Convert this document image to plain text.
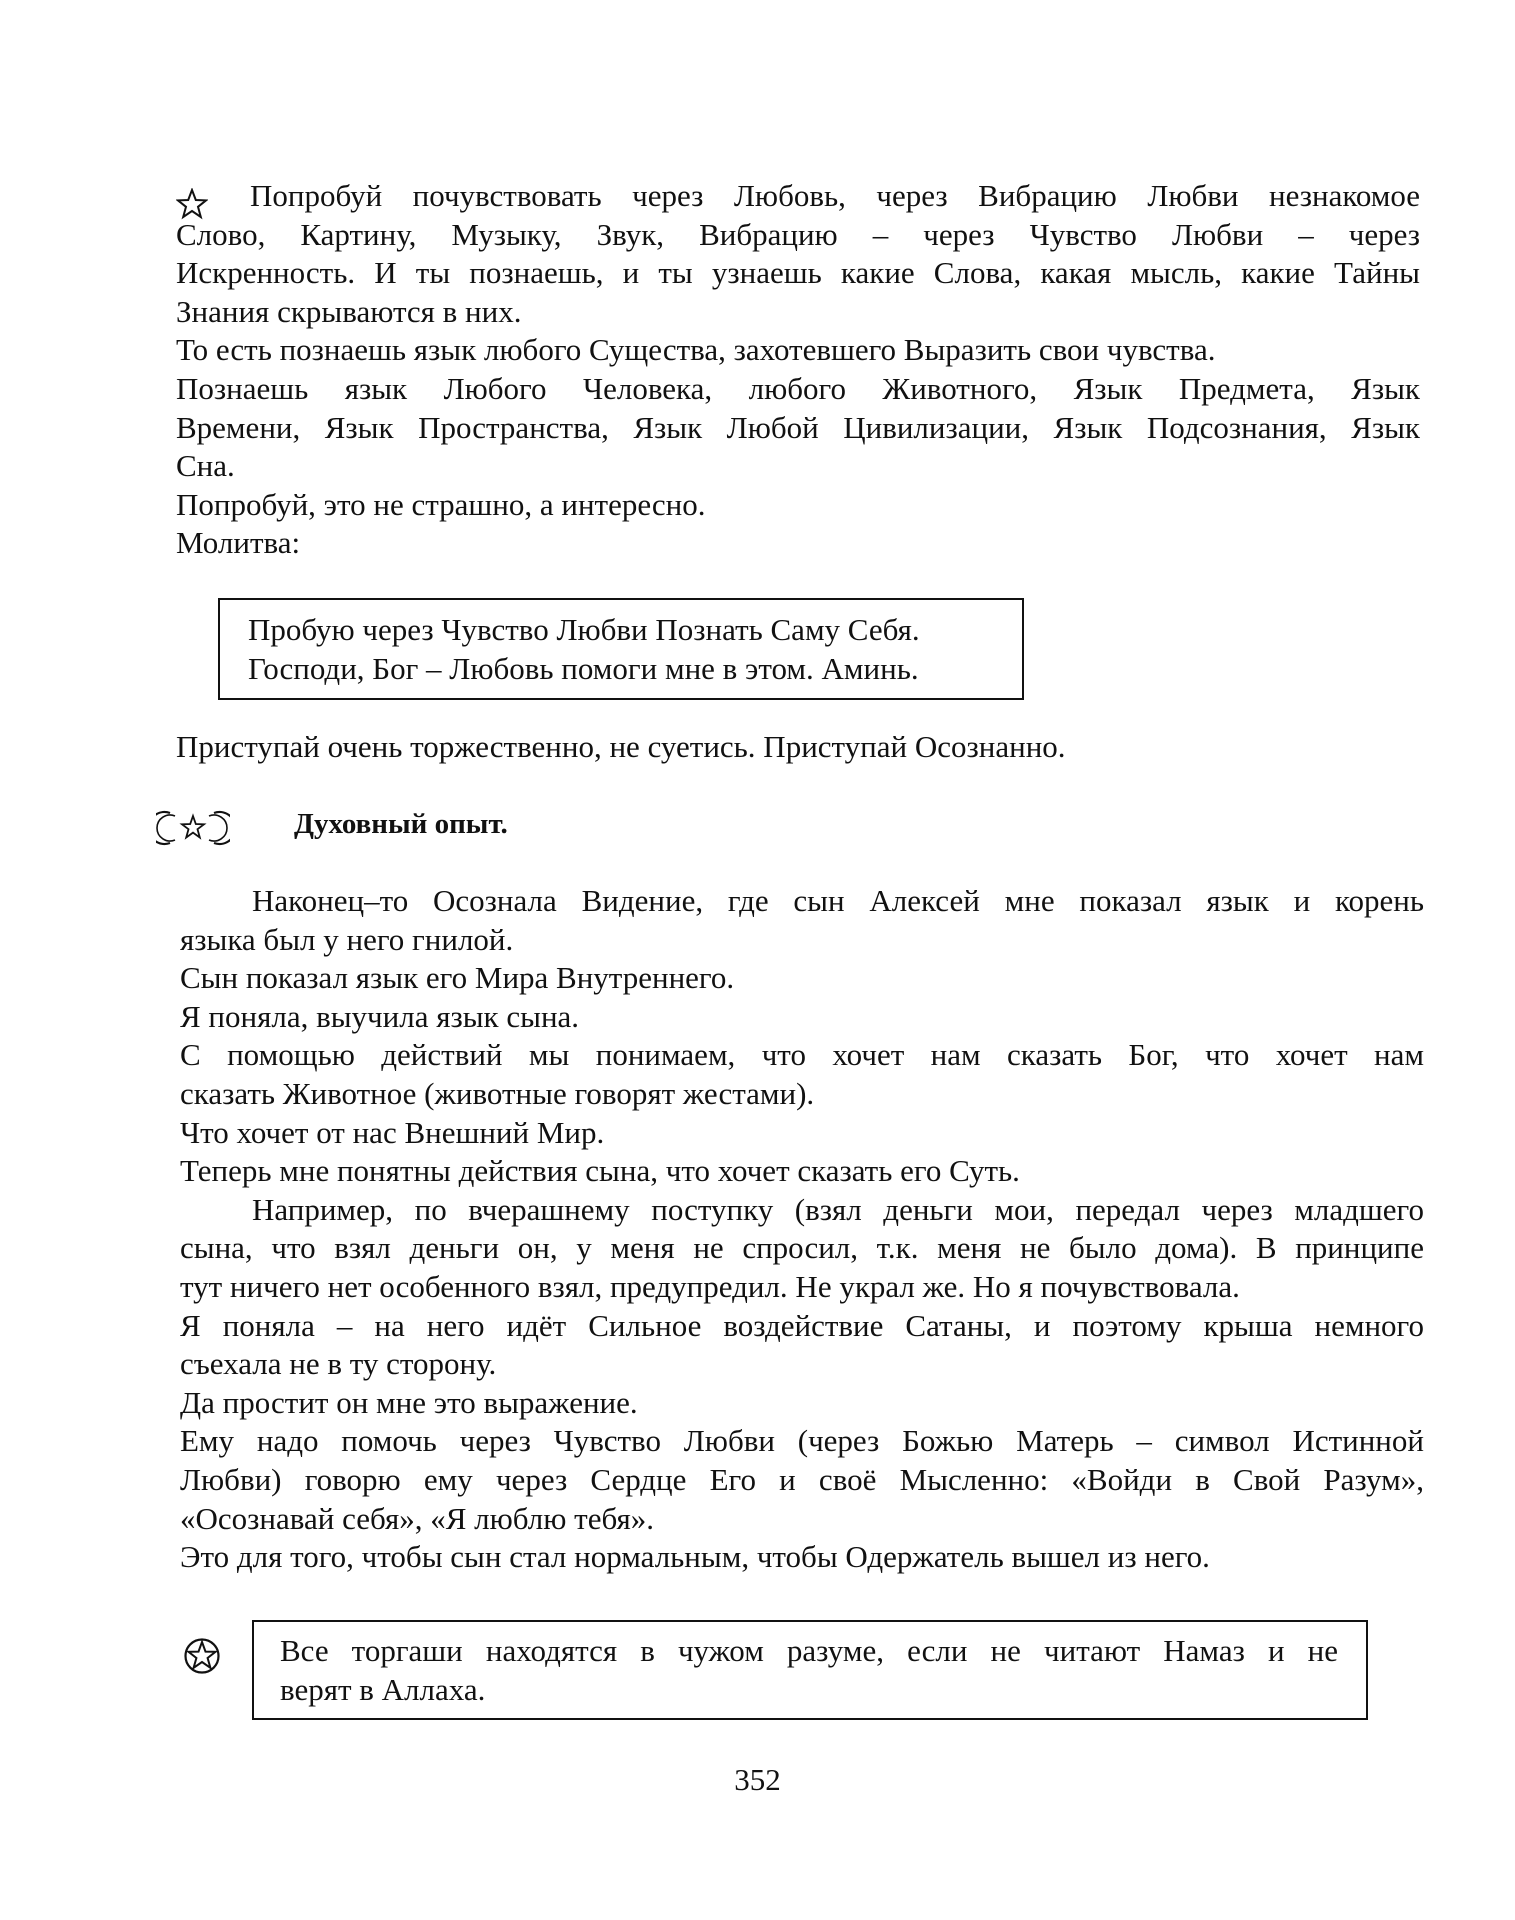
Попробуй почувствовать через Любовь, через Вибрацию Любви незнакомое
Слово, Картину, Музыку, Звук, Вибрацию – через Чувство Любви – через
Искренность. И ты познаешь, и ты узнаешь какие Слова, какая мысль, какие Тайны
Знания скрываются в них.
То есть познаешь язык любого Существа, захотевшего Выразить свои чувства.
Познаешь язык Любого Человека, любого Животного, Язык Предмета, Язык
Времени, Язык Пространства, Язык Любой Цивилизации, Язык Подсознания, Язык
Сна.
Попробуй, это не страшно, а интересно.
Молитва:
Пробую через Чувство Любви Познать Саму Себя.
Господи, Бог – Любовь помоги мне в этом. Аминь.
Приступай очень торжественно, не суетись. Приступай Осознанно.
Духовный опыт.
Наконец–то Осознала Видение, где сын Алексей мне показал язык и корень
языка был у него гнилой.
Сын показал язык его Мира Внутреннего.
Я поняла, выучила язык сына.
С помощью действий мы понимаем, что хочет нам сказать Бог, что хочет нам
сказать Животное (животные говорят жестами).
Что хочет от нас Внешний Мир.
Теперь мне понятны действия сына, что хочет сказать его Суть.
Например, по вчерашнему поступку (взял деньги мои, передал через младшего
сына, что взял деньги он, у меня не спросил, т.к. меня не было дома). В принципе
тут ничего нет особенного взял, предупредил. Не украл же. Но я почувствовала.
Я поняла – на него идёт Сильное воздействие Сатаны, и поэтому крыша немного
съехала не в ту сторону.
Да простит он мне это выражение.
Ему надо помочь через Чувство Любви (через Божью Матерь – символ Истинной
Любви) говорю ему через Сердце Его и своё Мысленно: «Войди в Свой Разум»,
«Осознавай себя», «Я люблю тебя».
Это для того, чтобы сын стал нормальным, чтобы Одержатель вышел из него.
Все торгаши находятся в чужом разуме, если не читают Намаз и не
верят в Аллаха.
352
